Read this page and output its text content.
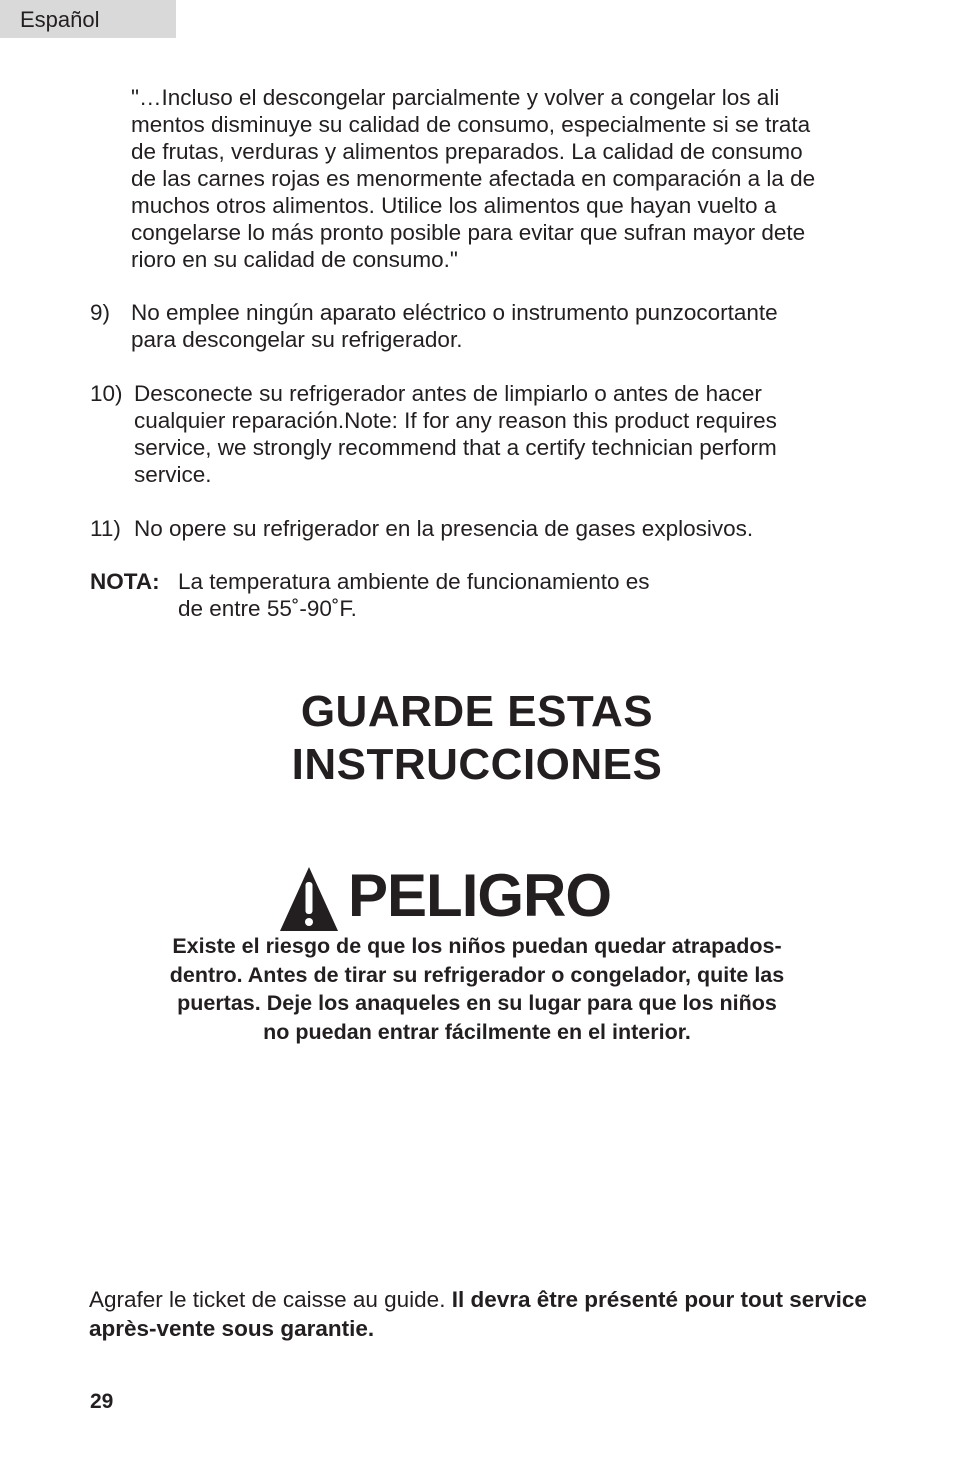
Español
"…Incluso el descongelar parcialmente y volver a congelar los ali
mentos disminuye su calidad de consumo, especialmente si se trata
de frutas, verduras y alimentos preparados. La calidad de consumo
de las carnes rojas es menormente afectada en comparación a la de
muchos otros alimentos. Utilice los alimentos que hayan vuelto a
congelarse lo más pronto posible para evitar que sufran mayor dete
rioro en su calidad de consumo."
9) No emplee ningún aparato eléctrico o instrumento punzocortante
para descongelar su refrigerador.
10) Desconecte su refrigerador antes de limpiarlo o antes de hacer
cualquier reparación.Note: If for any reason this product requires
service, we strongly recommend that a certify technician perform
service.
11) No opere su refrigerador en la presencia de gases explosivos.
NOTA: La temperatura ambiente de funcionamiento es
de entre 55˚-90˚F.
GUARDE ESTAS
INSTRUCCIONES
PELIGRO
Existe el riesgo de que los niños puedan quedar atrapados-
dentro. Antes de tirar su refrigerador o congelador, quite las
puertas. Deje los anaqueles en su lugar para que los niños
no puedan entrar fácilmente en el interior.
Agrafer le ticket de caisse au guide. Il devra être présenté pour tout service après-vente sous garantie.
29
